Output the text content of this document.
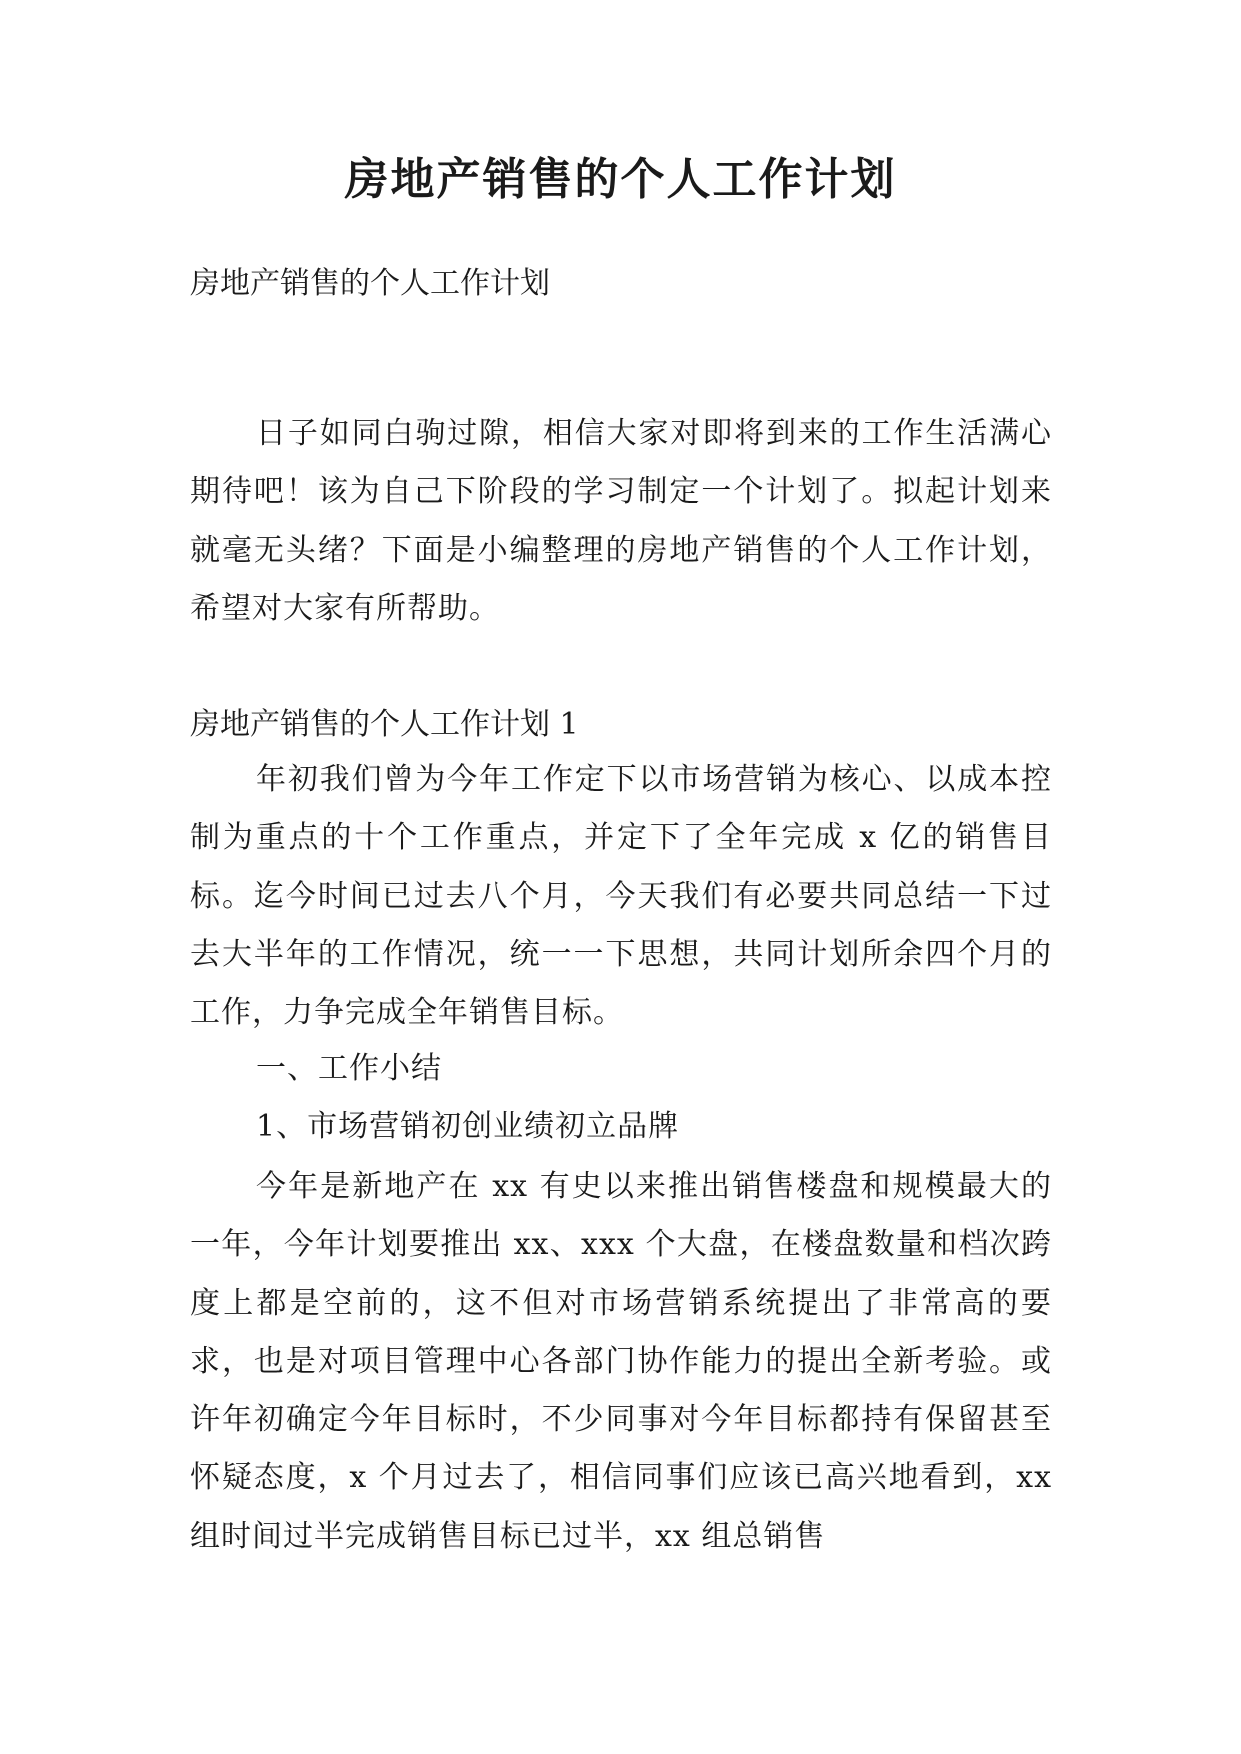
房地产销售的个人工作计划
房地产销售的个人工作计划

日子如同白驹过隙，相信大家对即将到来的工作生活满心期待吧！该为自己下阶段的学习制定一个计划了。拟起计划来就毫无头绪？下面是小编整理的房地产销售的个人工作计划，希望对大家有所帮助。

房地产销售的个人工作计划 1

年初我们曾为今年工作定下以市场营销为核心、以成本控制为重点的十个工作重点，并定下了全年完成 x 亿的销售目标。迄今时间已过去八个月，今天我们有必要共同总结一下过去大半年的工作情况，统一一下思想，共同计划所余四个月的工作，力争完成全年销售目标。

一、工作小结
1、市场营销初创业绩初立品牌

今年是新地产在 xx 有史以来推出销售楼盘和规模最大的一年，今年计划要推出 xx、xxx 个大盘，在楼盘数量和档次跨度上都是空前的，这不但对市场营销系统提出了非常高的要求，也是对项目管理中心各部门协作能力的提出全新考验。或许年初确定今年目标时，不少同事对今年目标都持有保留甚至怀疑态度，x 个月过去了，相信同事们应该已高兴地看到，xx 组时间过半完成销售目标已过半，xx 组总销售
